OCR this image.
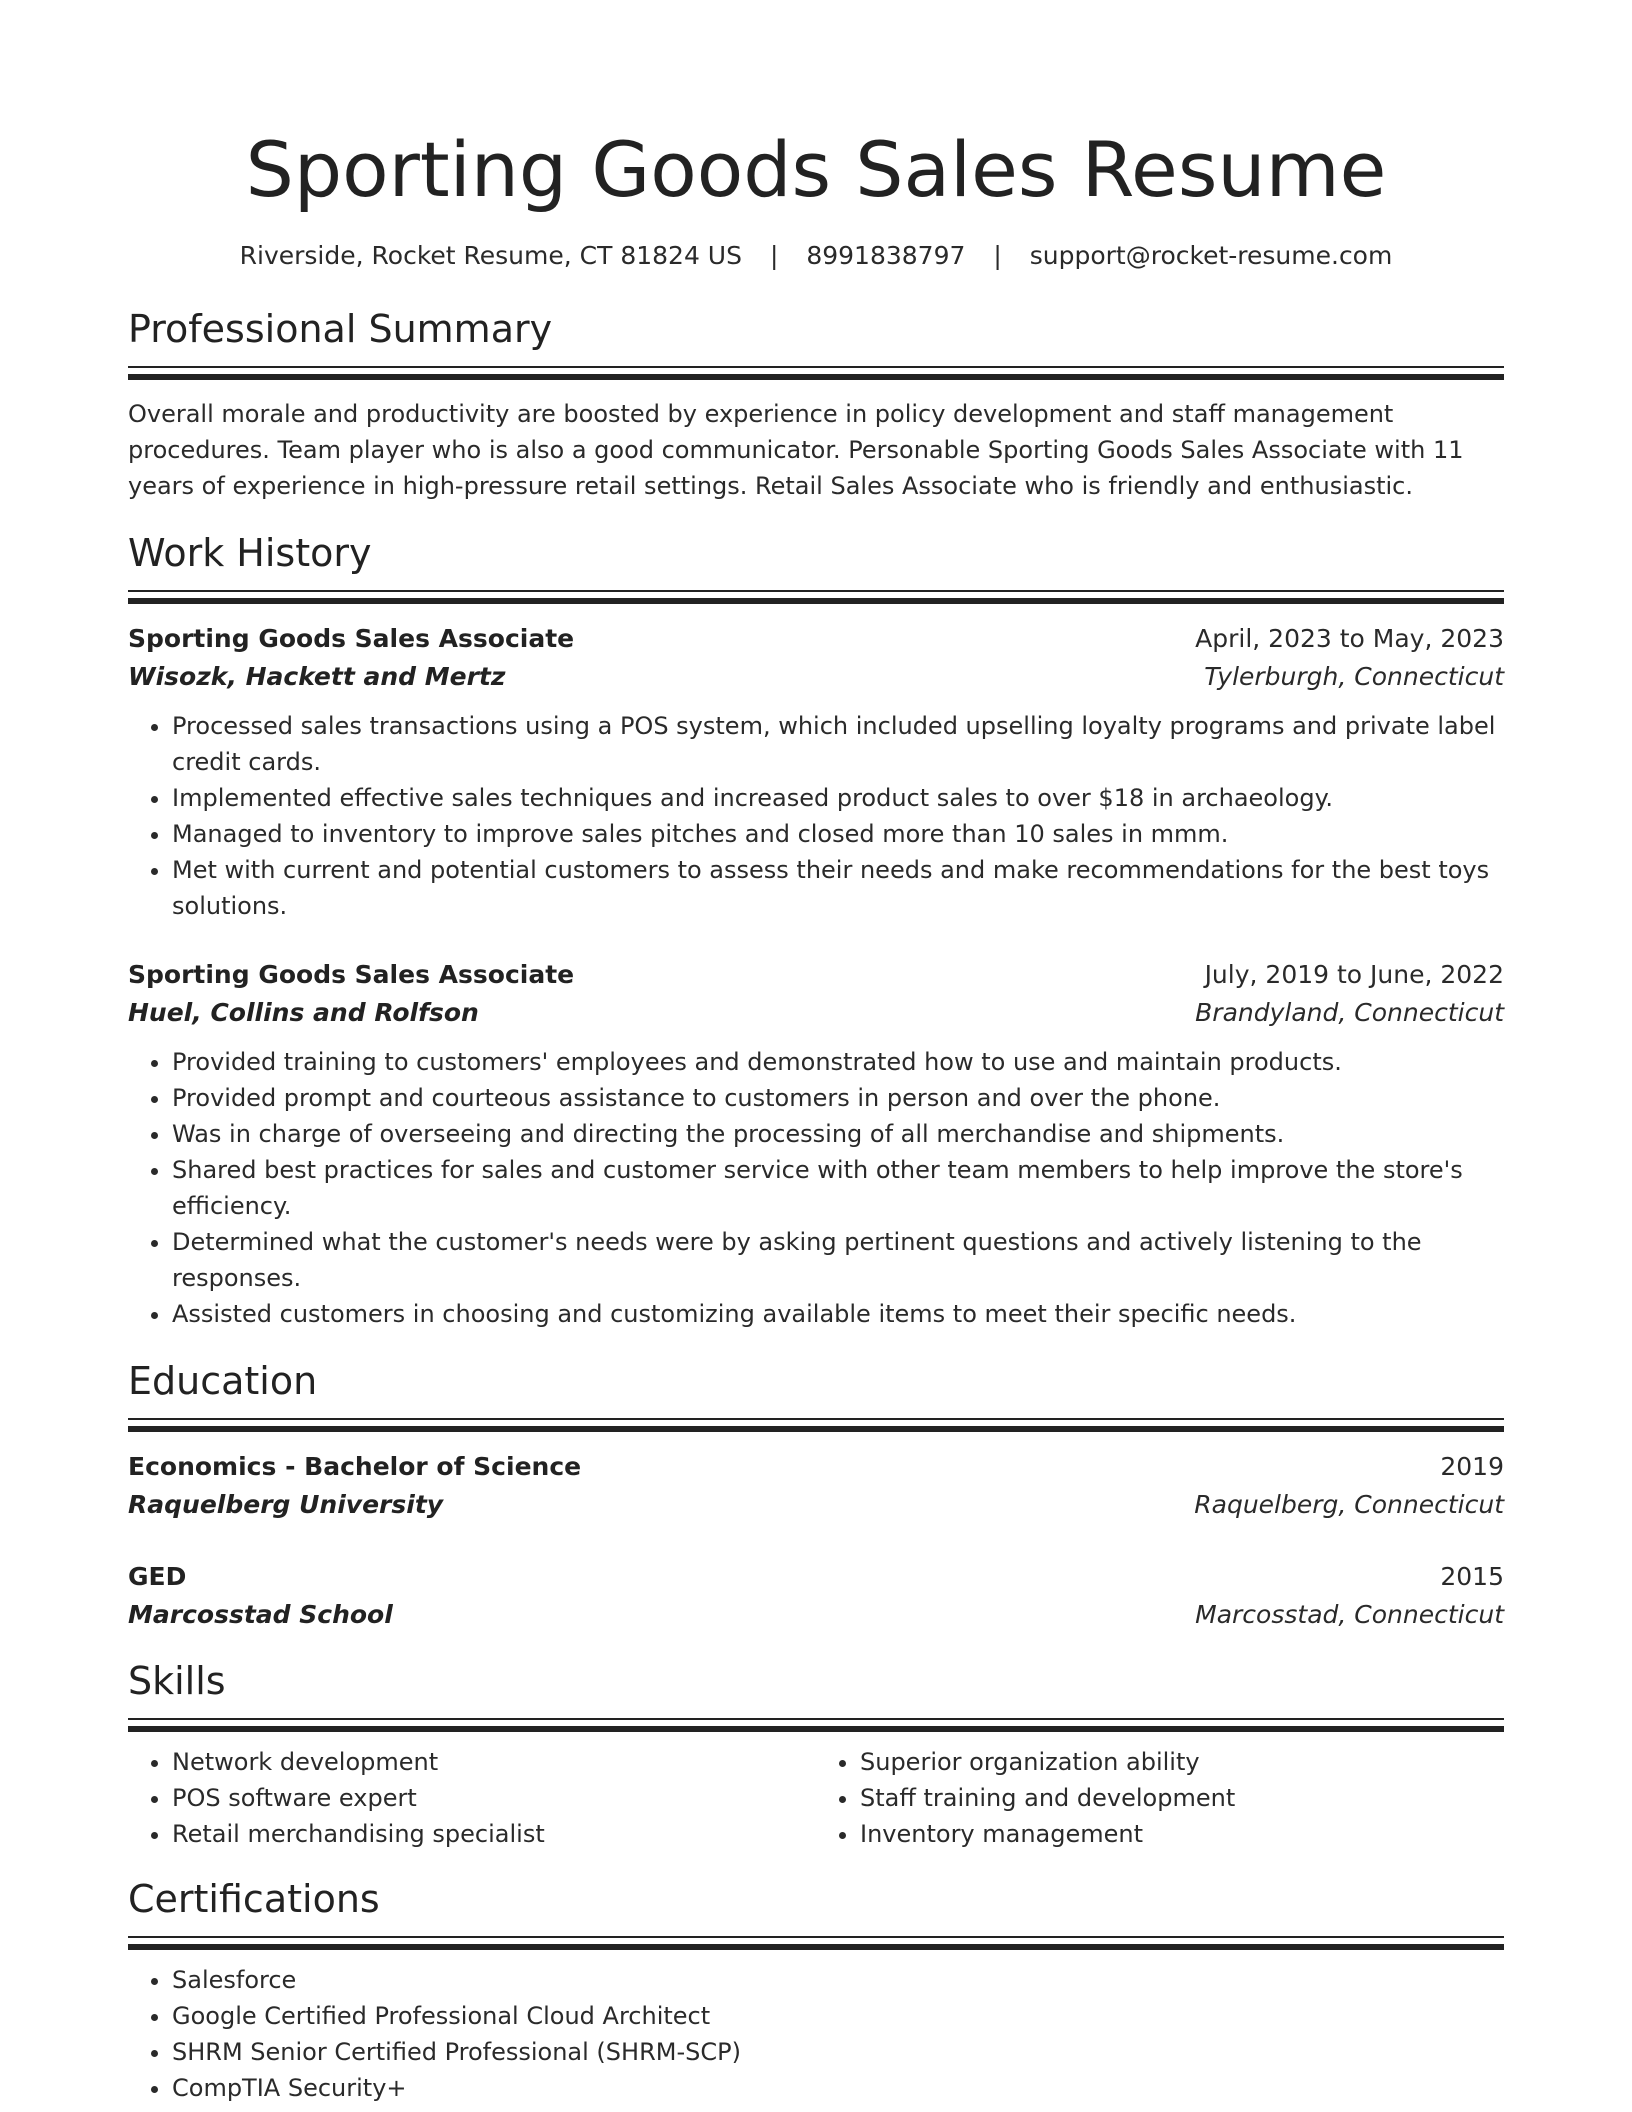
Sporting Goods Sales Resume
Riverside, Rocket Resume, CT 81824 US | 8991838797 | support@rocket-resume.com
Professional Summary
Overall morale and productivity are boosted by experience in policy development and staff management procedures. Team player who is also a good communicator. Personable Sporting Goods Sales Associate with 11 years of experience in high-pressure retail settings. Retail Sales Associate who is friendly and enthusiastic.
Work History
Sporting Goods Sales Associate	April, 2023 to May, 2023
Wisozk, Hackett and Mertz	Tylerburgh, Connecticut
• Processed sales transactions using a POS system, which included upselling loyalty programs and private label credit cards.
• Implemented effective sales techniques and increased product sales to over $18 in archaeology.
• Managed to inventory to improve sales pitches and closed more than 10 sales in mmm.
• Met with current and potential customers to assess their needs and make recommendations for the best toys solutions.
Sporting Goods Sales Associate	July, 2019 to June, 2022
Huel, Collins and Rolfson	Brandyland, Connecticut
• Provided training to customers' employees and demonstrated how to use and maintain products.
• Provided prompt and courteous assistance to customers in person and over the phone.
• Was in charge of overseeing and directing the processing of all merchandise and shipments.
• Shared best practices for sales and customer service with other team members to help improve the store's efficiency.
• Determined what the customer's needs were by asking pertinent questions and actively listening to the responses.
• Assisted customers in choosing and customizing available items to meet their specific needs.
Education
Economics - Bachelor of Science	2019
Raquelberg University	Raquelberg, Connecticut
GED	2015
Marcosstad School	Marcosstad, Connecticut
Skills
• Network development
• POS software expert
• Retail merchandising specialist
• Superior organization ability
• Staff training and development
• Inventory management
Certifications
• Salesforce
• Google Certified Professional Cloud Architect
• SHRM Senior Certified Professional (SHRM-SCP)
• CompTIA Security+
